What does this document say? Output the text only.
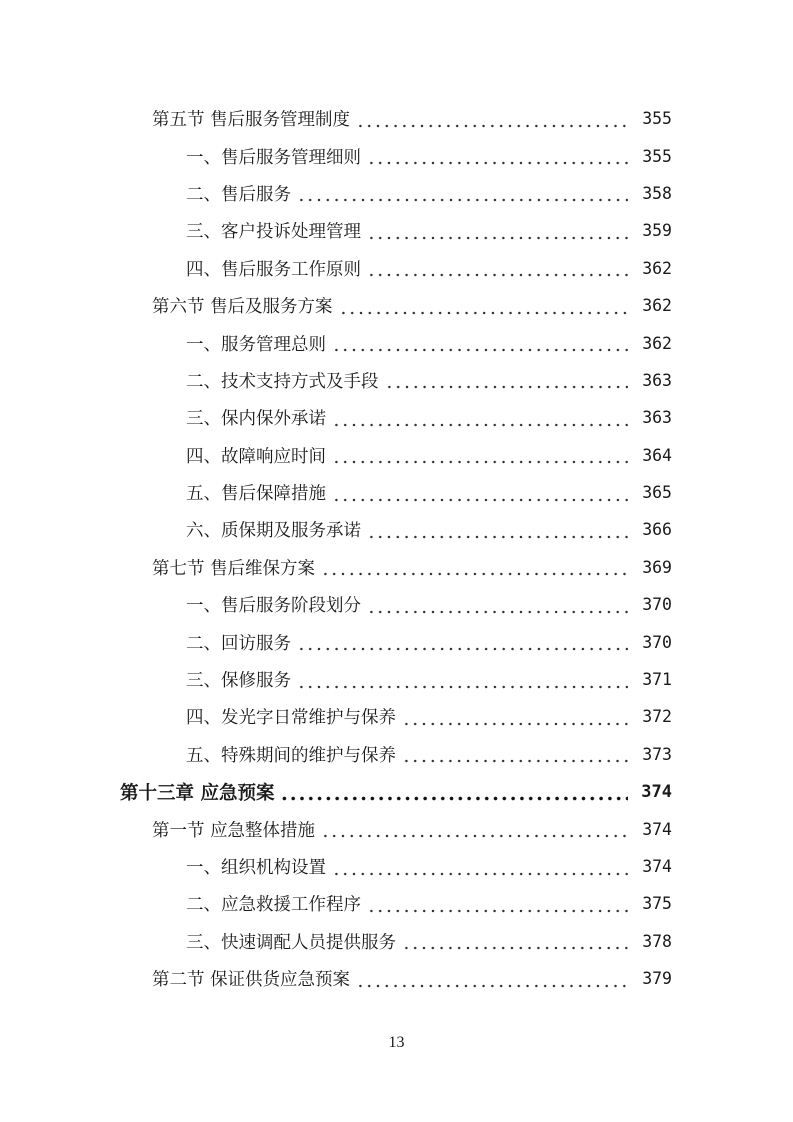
第五节 售后服务管理制度	355
一、售后服务管理细则	355
二、售后服务	358
三、客户投诉处理管理	359
四、售后服务工作原则	362
第六节 售后及服务方案	362
一、服务管理总则	362
二、技术支持方式及手段	363
三、保内保外承诺	363
四、故障响应时间	364
五、售后保障措施	365
六、质保期及服务承诺	366
第七节 售后维保方案	369
一、售后服务阶段划分	370
二、回访服务	370
三、保修服务	371
四、发光字日常维护与保养	372
五、特殊期间的维护与保养	373
第十三章 应急预案	374
第一节 应急整体措施	374
一、组织机构设置	374
二、应急救援工作程序	375
三、快速调配人员提供服务	378
第二节 保证供货应急预案	379
13
